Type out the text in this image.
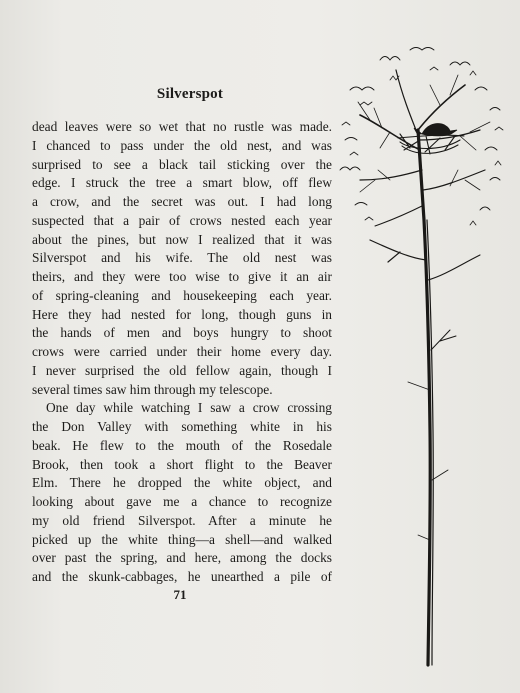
Silverspot
dead leaves were so wet that no rustle was made.
I chanced to pass under the old nest, and was
surprised to see a black tail sticking over the
edge. I struck the tree a smart blow, off flew
a crow, and the secret was out. I had long
suspected that a pair of crows nested each year
about the pines, but now I realized that it was
Silverspot and his wife. The old nest was
theirs, and they were too wise to give it an air
of spring-cleaning and housekeeping each year.
Here they had nested for long, though guns in
the hands of men and boys hungry to shoot
crows were carried under their home every day.
I never surprised the old fellow again, though I
several times saw him through my telescope.
One day while watching I saw a crow crossing
the Don Valley with something white in his
beak. He flew to the mouth of the Rosedale
Brook, then took a short flight to the Beaver
Elm. There he dropped the white object, and
looking about gave me a chance to recognize
my old friend Silverspot. After a minute he
picked up the white thing—a shell—and walked
over past the spring, and here, among the docks
and the skunk-cabbages, he unearthed a pile of
71
